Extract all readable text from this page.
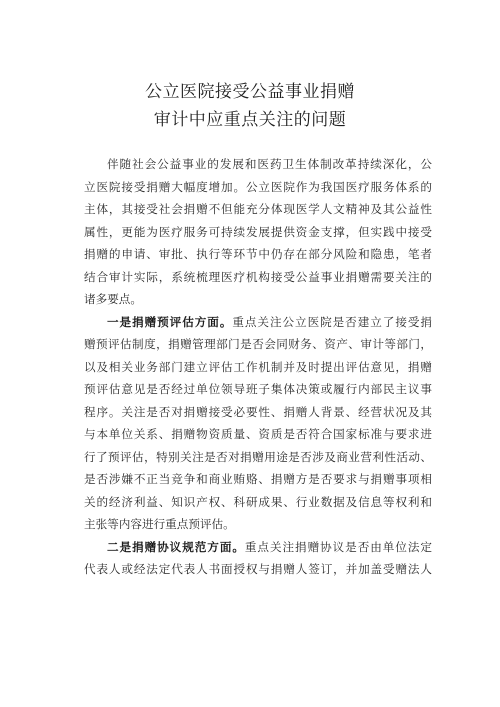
公立医院接受公益事业捐赠
审计中应重点关注的问题
伴随社会公益事业的发展和医药卫生体制改革持续深化，公
立医院接受捐赠大幅度增加。公立医院作为我国医疗服务体系的
主体，其接受社会捐赠不但能充分体现医学人文精神及其公益性
属性，更能为医疗服务可持续发展提供资金支撑，但实践中接受
捐赠的申请、审批、执行等环节中仍存在部分风险和隐患，笔者
结合审计实际，系统梳理医疗机构接受公益事业捐赠需要关注的
诸多要点。
一是捐赠预评估方面。重点关注公立医院是否建立了接受捐
赠预评估制度，捐赠管理部门是否会同财务、资产、审计等部门，
以及相关业务部门建立评估工作机制并及时提出评估意见，捐赠
预评估意见是否经过单位领导班子集体决策或履行内部民主议事
程序。关注是否对捐赠接受必要性、捐赠人背景、经营状况及其
与本单位关系、捐赠物资质量、资质是否符合国家标准与要求进
行了预评估，特别关注是否对捐赠用途是否涉及商业营利性活动、
是否涉嫌不正当竞争和商业贿赂、捐赠方是否要求与捐赠事项相
关的经济利益、知识产权、科研成果、行业数据及信息等权利和
主张等内容进行重点预评估。
二是捐赠协议规范方面。重点关注捐赠协议是否由单位法定
代表人或经法定代表人书面授权与捐赠人签订，并加盖受赠法人
